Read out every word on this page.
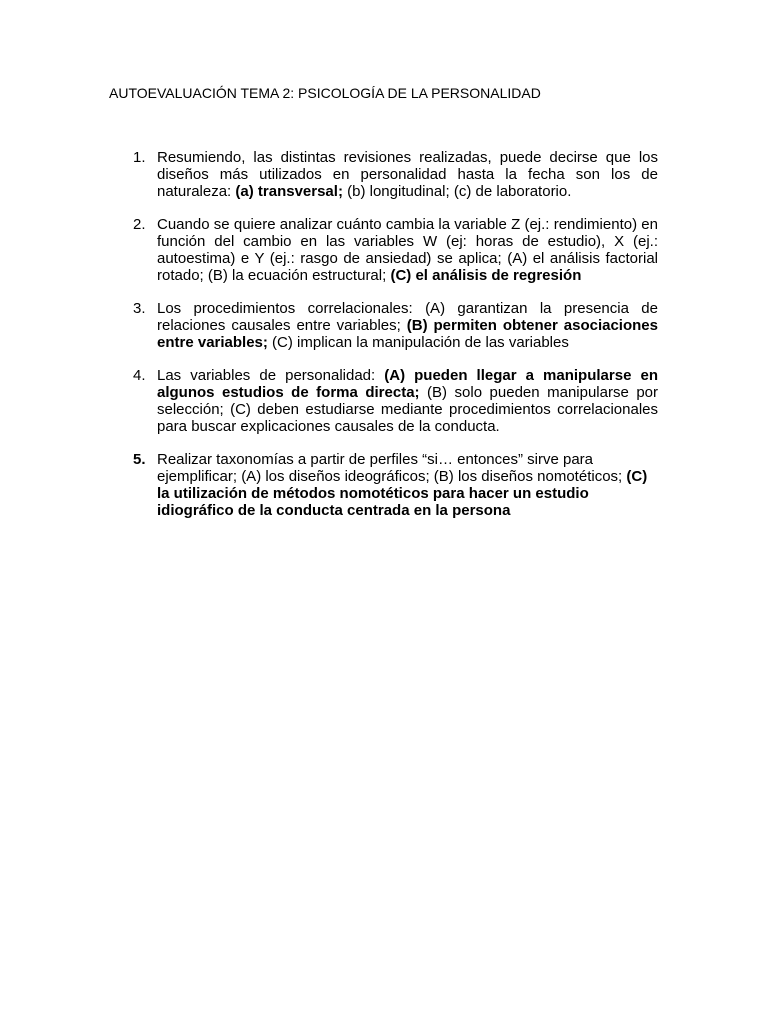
AUTOEVALUACIÓN TEMA 2: PSICOLOGÍA DE LA PERSONALIDAD
1. Resumiendo, las distintas revisiones realizadas, puede decirse que los diseños más utilizados en personalidad hasta la fecha son los de naturaleza: (a) transversal; (b) longitudinal; (c) de laboratorio.
2. Cuando se quiere analizar cuánto cambia la variable Z (ej.: rendimiento) en función del cambio en las variables W (ej: horas de estudio), X (ej.: autoestima) e Y (ej.: rasgo de ansiedad) se aplica; (A) el análisis factorial rotado; (B) la ecuación estructural; (C) el análisis de regresión
3. Los procedimientos correlacionales: (A) garantizan la presencia de relaciones causales entre variables; (B) permiten obtener asociaciones entre variables; (C) implican la manipulación de las variables
4. Las variables de personalidad: (A) pueden llegar a manipularse en algunos estudios de forma directa; (B) solo pueden manipularse por selección; (C) deben estudiarse mediante procedimientos correlacionales para buscar explicaciones causales de la conducta.
5. Realizar taxonomías a partir de perfiles “si… entonces” sirve para ejemplificar; (A) los diseños ideográficos; (B) los diseños nomotéticos; (C) la utilización de métodos nomotéticos para hacer un estudio idiográfico de la conducta centrada en la persona
